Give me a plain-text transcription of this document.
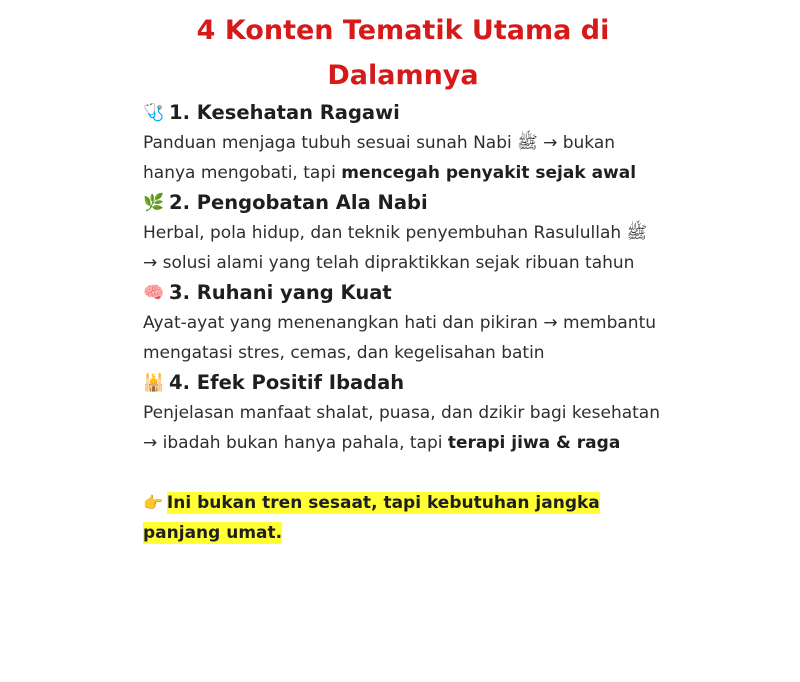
4 Konten Tematik Utama di Dalamnya
🩺 1. Kesehatan Ragawi

Panduan menjaga tubuh sesuai sunah Nabi ﷺ → bukan hanya mengobati, tapi mencegah penyakit sejak awal

🌿 2. Pengobatan Ala Nabi

Herbal, pola hidup, dan teknik penyembuhan Rasulullah ﷺ → solusi alami yang telah dipraktikkan sejak ribuan tahun

🧠 3. Ruhani yang Kuat

Ayat-ayat yang menenangkan hati dan pikiran → membantu mengatasi stres, cemas, dan kegelisahan batin

🕌 4. Efek Positif Ibadah

Penjelasan manfaat shalat, puasa, dan dzikir bagi kesehatan → ibadah bukan hanya pahala, tapi terapi jiwa & raga

👉 Ini bukan tren sesaat, tapi kebutuhan jangka panjang umat.
